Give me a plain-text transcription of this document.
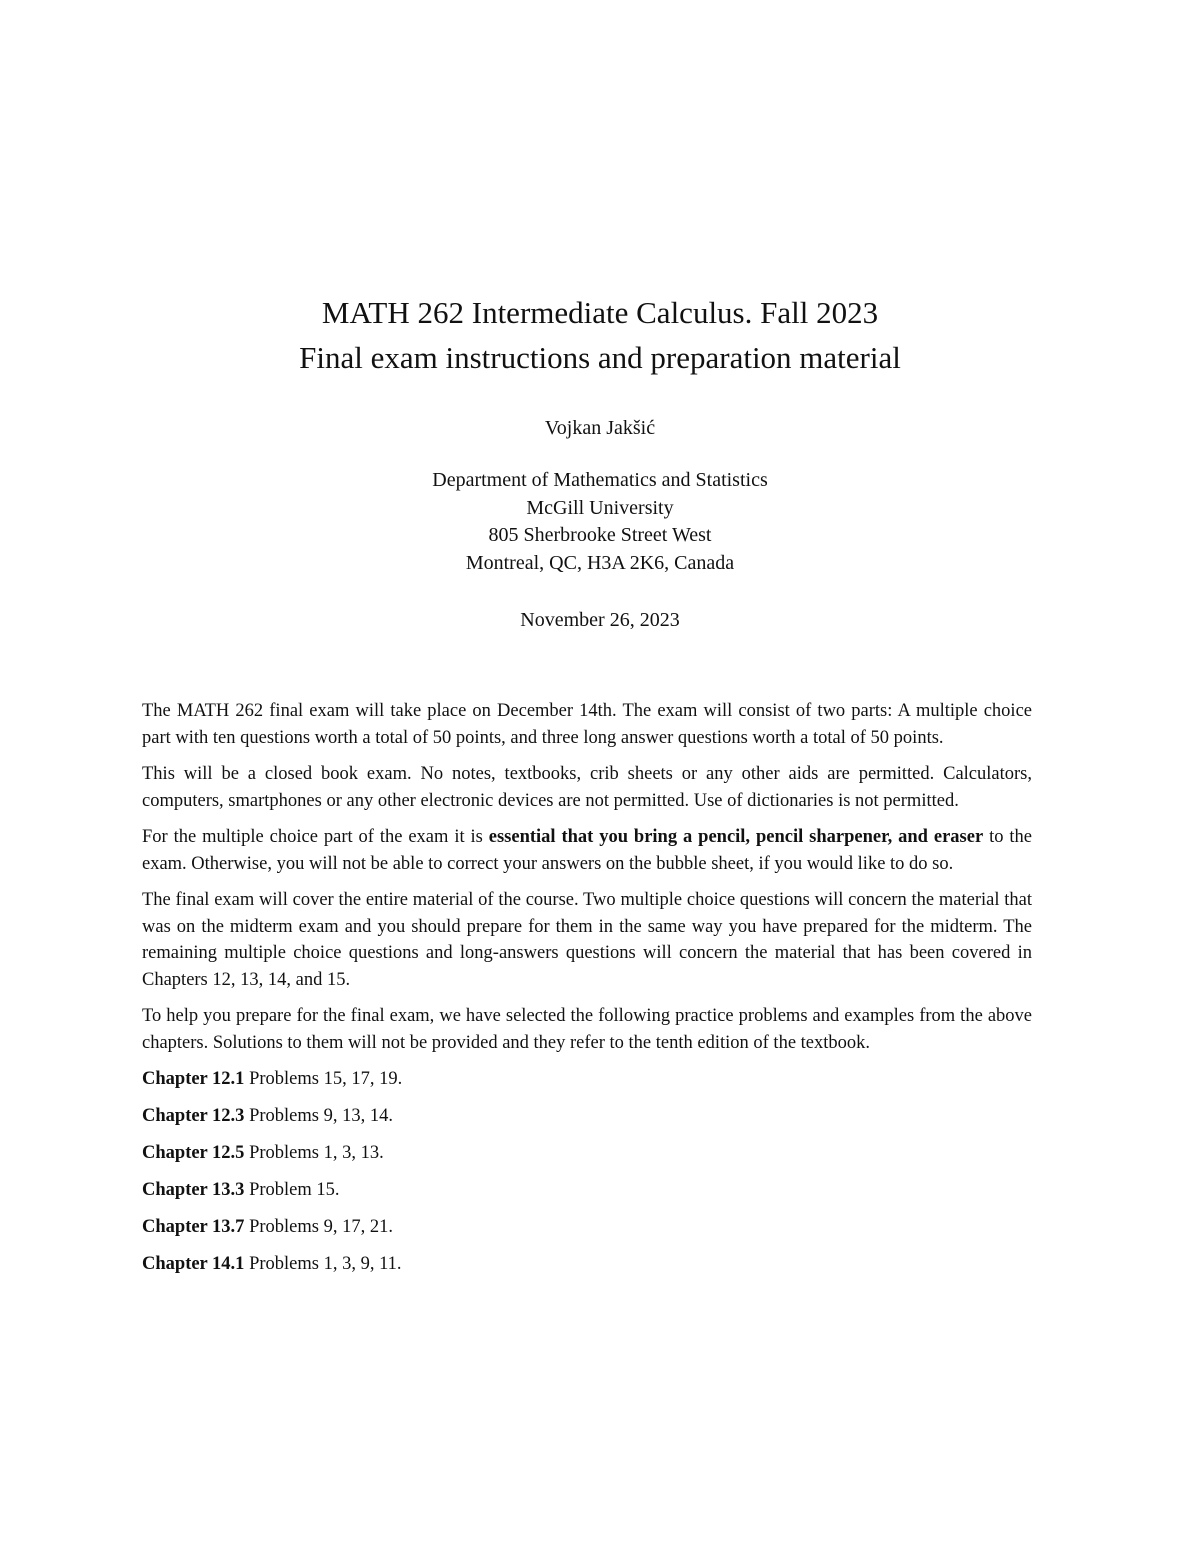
MATH 262 Intermediate Calculus. Fall 2023
Final exam instructions and preparation material
Vojkan Jakšić
Department of Mathematics and Statistics
McGill University
805 Sherbrooke Street West
Montreal, QC, H3A 2K6, Canada
November 26, 2023

The MATH 262 final exam will take place on December 14th. The exam will consist of two parts: A multiple choice part with ten questions worth a total of 50 points, and three long answer questions worth a total of 50 points.

This will be a closed book exam. No notes, textbooks, crib sheets or any other aids are permitted. Calculators, computers, smartphones or any other electronic devices are not permitted. Use of dictionaries is not permitted.

For the multiple choice part of the exam it is essential that you bring a pencil, pencil sharpener, and eraser to the exam. Otherwise, you will not be able to correct your answers on the bubble sheet, if you would like to do so.

The final exam will cover the entire material of the course. Two multiple choice questions will concern the material that was on the midterm exam and you should prepare for them in the same way you have prepared for the midterm. The remaining multiple choice questions and long-answers questions will concern the material that has been covered in Chapters 12, 13, 14, and 15.

To help you prepare for the final exam, we have selected the following practice problems and examples from the above chapters. Solutions to them will not be provided and they refer to the tenth edition of the textbook.

Chapter 12.1 Problems 15, 17, 19.

Chapter 12.3 Problems 9, 13, 14.

Chapter 12.5 Problems 1, 3, 13.

Chapter 13.3 Problem 15.

Chapter 13.7 Problems 9, 17, 21.

Chapter 14.1 Problems 1, 3, 9, 11.
